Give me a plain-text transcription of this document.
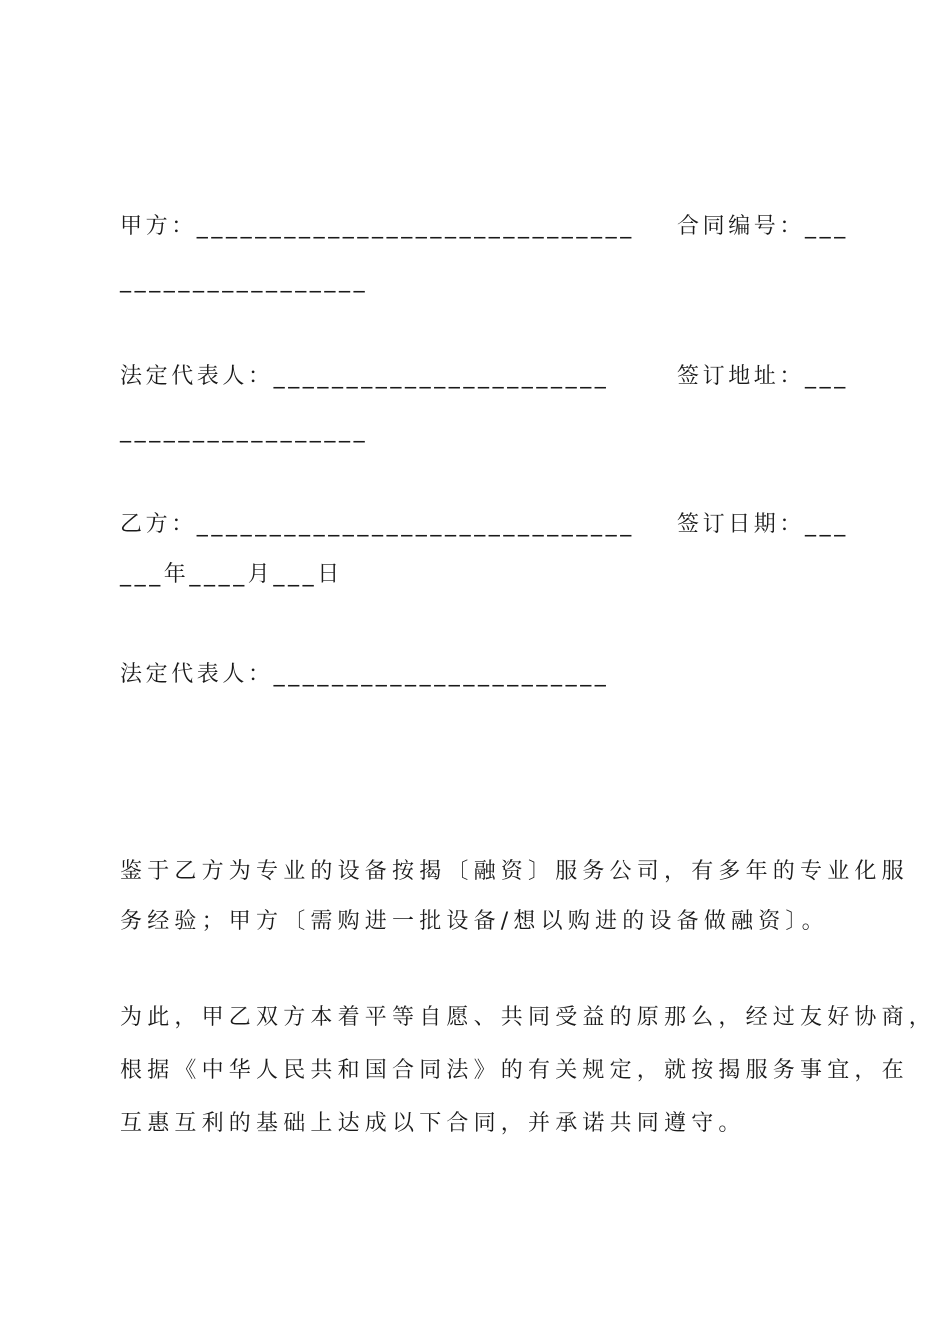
甲方：______________________________ 合同编号：___
_________________
法定代表人：_______________________	签订地址：___
_________________
乙方：______________________________ 签订日期：___
___年____月___日
法定代表人：_______________________
鉴于乙方为专业的设备按揭〔融资〕服务公司，有多年的专业化服
务经验；甲方〔需购进一批设备/想以购进的设备做融资〕。
为此，甲乙双方本着平等自愿、共同受益的原那么，经过友好协商，
根据《中华人民共和国合同法》的有关规定，就按揭服务事宜，在
互惠互利的基础上达成以下合同，并承诺共同遵守。
